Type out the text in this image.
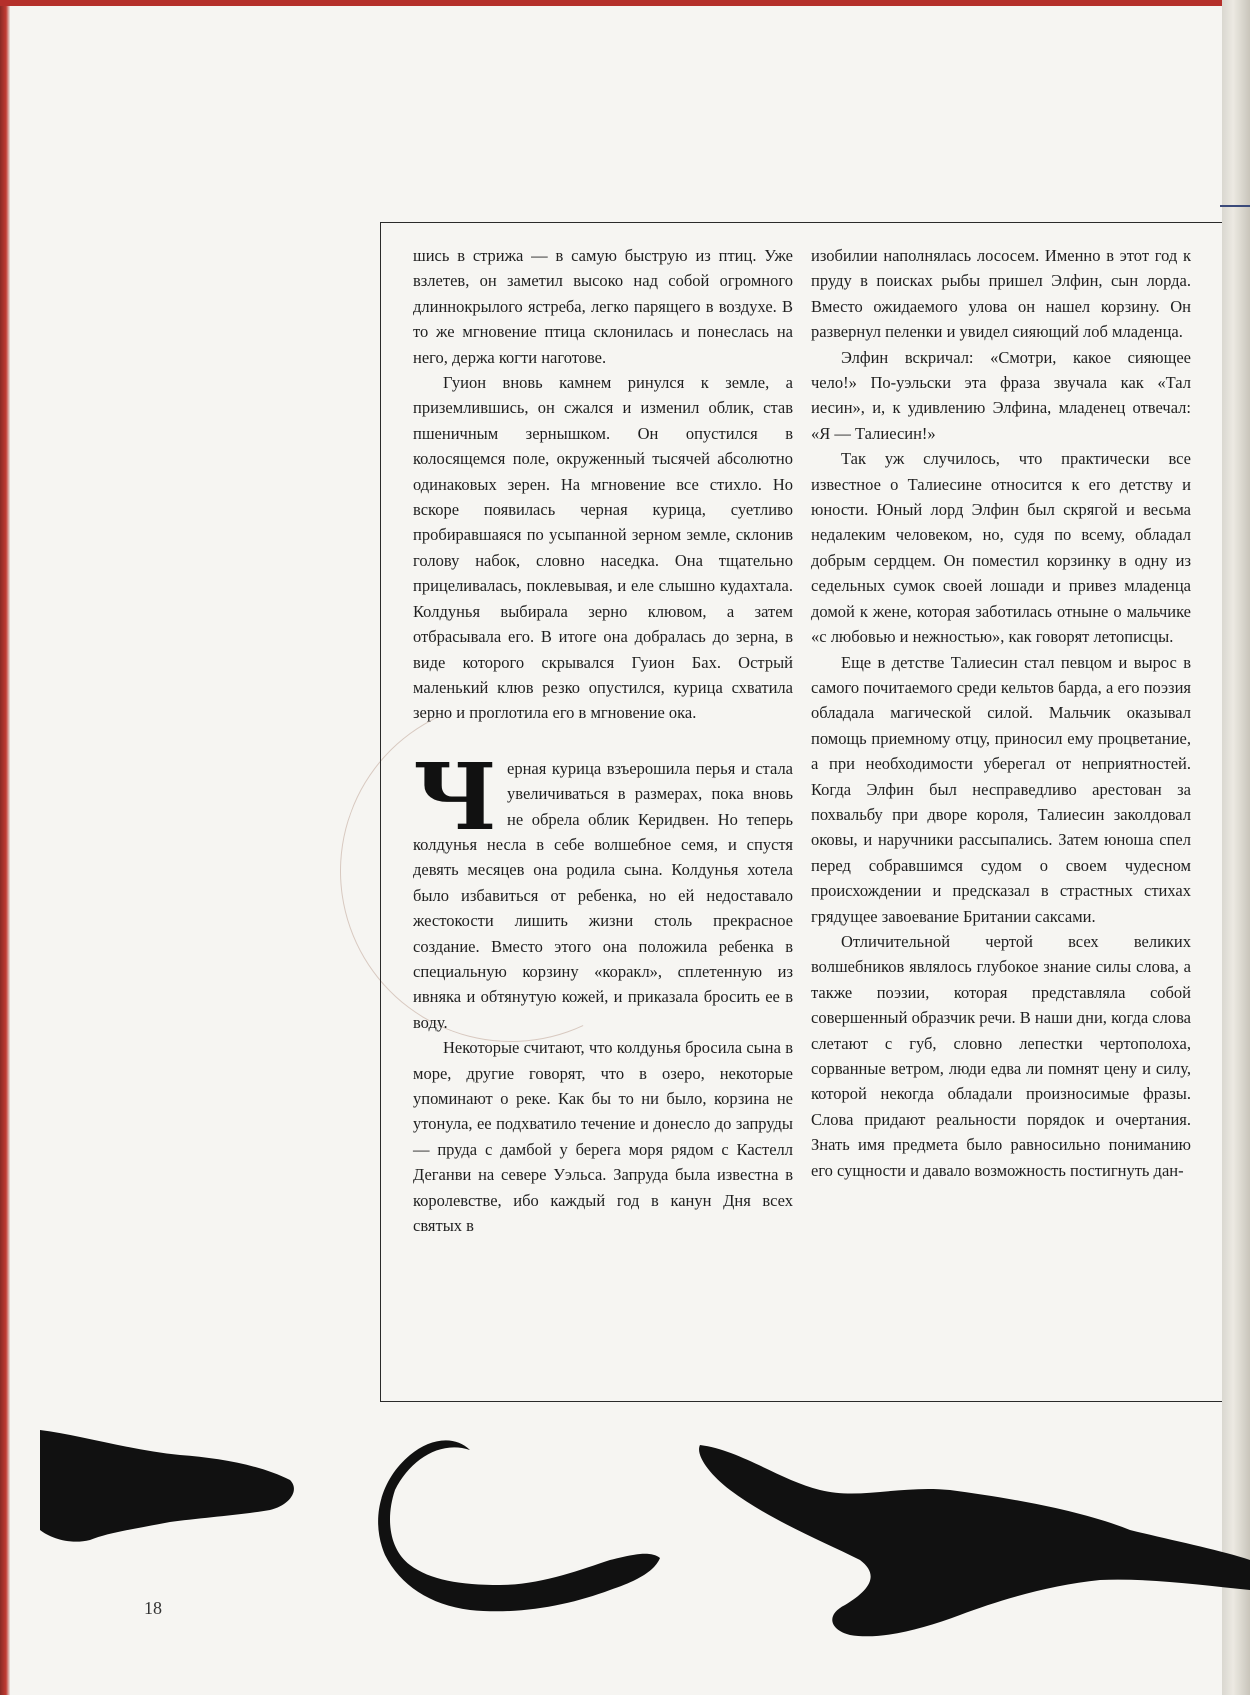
шись в стрижа — в самую быструю из птиц. Уже взлетев, он заметил высоко над собой огромного длиннокрылого ястреба, легко парящего в воздухе. В то же мгновение птица склонилась и понеслась на него, держа когти наготове.

Гуион вновь камнем ринулся к земле, а приземлившись, он сжался и изменил облик, став пшеничным зернышком. Он опустился в колосящемся поле, окруженный тысячей абсолютно одинаковых зерен. На мгновение все стихло. Но вскоре появилась черная курица, суетливо пробиравшаяся по усыпанной зерном земле, склонив голову набок, словно наседка. Она тщательно прицеливалась, поклевывая, и еле слышно кудахтала. Колдунья выбирала зерно клювом, а затем отбрасывала его. В итоге она добралась до зерна, в виде которого скрывался Гуион Бах. Острый маленький клюв резко опустился, курица схватила зерно и проглотила его в мгновение ока.

Черная курица взъерошила перья и стала увеличиваться в размерах, пока вновь не обрела облик Керидвен. Но теперь колдунья несла в себе волшебное семя, и спустя девять месяцев она родила сына. Колдунья хотела было избавиться от ребенка, но ей недоставало жестокости лишить жизни столь прекрасное создание. Вместо этого она положила ребенка в специальную корзину «коракл», сплетенную из ивняка и обтянутую кожей, и приказала бросить ее в воду.

Некоторые считают, что колдунья бросила сына в море, другие говорят, что в озеро, некоторые упоминают о реке. Как бы то ни было, корзина не утонула, ее подхватило течение и донесло до запруды — пруда с дамбой у берега моря рядом с Кастелл Деганви на севере Уэльса. Запруда была известна в королевстве, ибо каждый год в канун Дня всех святых в

изобилии наполнялась лососем. Именно в этот год к пруду в поисках рыбы пришел Элфин, сын лорда. Вместо ожидаемого улова он нашел корзину. Он развернул пеленки и увидел сияющий лоб младенца.

Элфин вскричал: «Смотри, какое сияющее чело!» По-уэльски эта фраза звучала как «Тал иесин», и, к удивлению Элфина, младенец отвечал: «Я — Талиесин!»

Так уж случилось, что практически все известное о Талиесине относится к его детству и юности. Юный лорд Элфин был скрягой и весьма недалеким человеком, но, судя по всему, обладал добрым сердцем. Он поместил корзинку в одну из седельных сумок своей лошади и привез младенца домой к жене, которая заботилась отныне о мальчике «с любовью и нежностью», как говорят летописцы.

Еще в детстве Талиесин стал певцом и вырос в самого почитаемого среди кельтов барда, а его поэзия обладала магической силой. Мальчик оказывал помощь приемному отцу, приносил ему процветание, а при необходимости уберегал от неприятностей. Когда Элфин был несправедливо арестован за похвальбу при дворе короля, Талиесин заколдовал оковы, и наручники рассыпались. Затем юноша спел перед собравшимся судом о своем чудесном происхождении и предсказал в страстных стихах грядущее завоевание Британии саксами.

Отличительной чертой всех великих волшебников являлось глубокое знание силы слова, а также поэзии, которая представляла собой совершенный образчик речи. В наши дни, когда слова слетают с губ, словно лепестки чертополоха, сорванные ветром, люди едва ли помнят цену и силу, которой некогда обладали произносимые фразы. Слова придают реальности порядок и очертания. Знать имя предмета было равносильно пониманию его сущности и давало возможность постигнуть дан-

18
